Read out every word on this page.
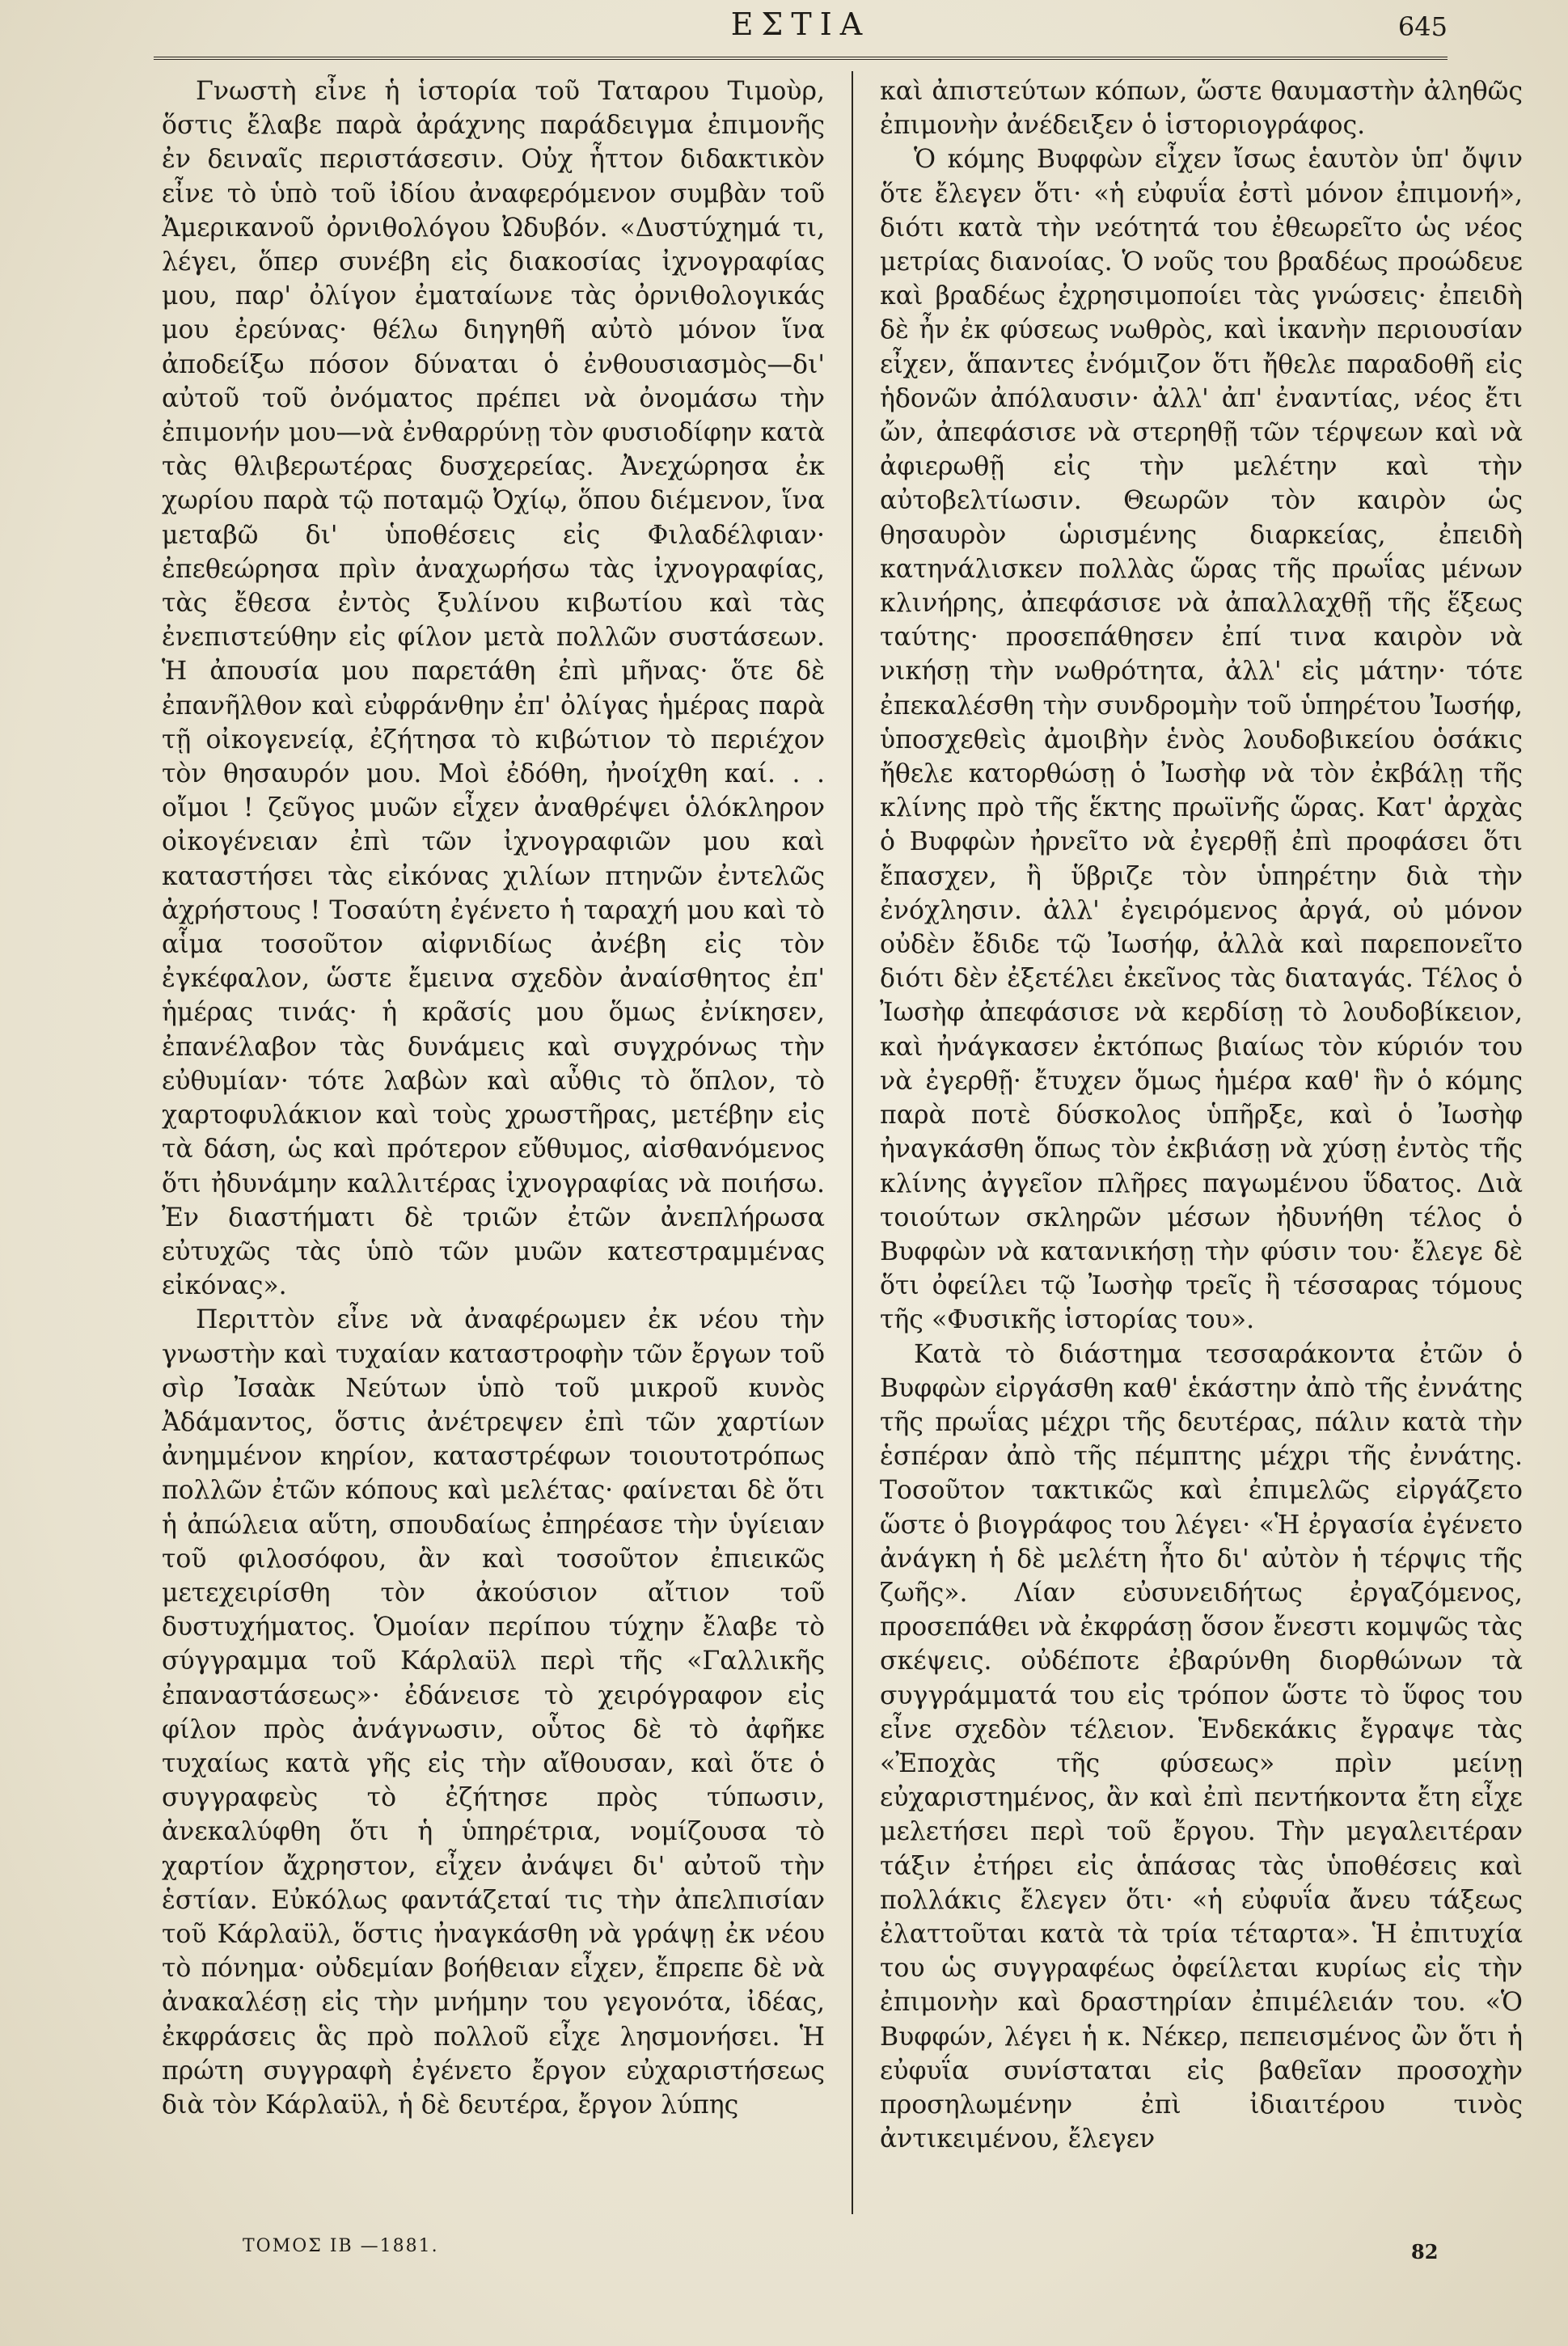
ΕΣΤΙΑ	645

Γνωστὴ εἶνε ἡ ἱστορία τοῦ Ταταρου Τιμοὺρ, ὅστις ἔλαβε παρὰ ἀράχνης παράδειγμα ἐπιμονῆς ἐν δειναῖς περιστάσεσιν. Οὐχ ἧττον διδακτικὸν εἶνε τὸ ὑπὸ τοῦ ἰδίου ἀναφερόμενον συμβὰν τοῦ Ἀμερικανοῦ ὀρνιθολόγου Ὠδυβόν. «Δυστύχημά τι, λέγει, ὅπερ συνέβη εἰς διακοσίας ἰχνογραφίας μου, παρ' ὀλίγον ἐματαίωνε τὰς ὀρνιθολογικάς μου ἐρεύνας· θέλω διηγηθῆ αὐτὸ μόνον ἵνα ἀποδείξω πόσον δύναται ὁ ἐνθουσιασμὸς—δι' αὐτοῦ τοῦ ὀνόματος πρέπει νὰ ὀνομάσω τὴν ἐπιμονήν μου—νὰ ἐνθαρρύνῃ τὸν φυσιοδίφην κατὰ τὰς θλιβερωτέρας δυσχερείας. Ἀνεχώρησα ἐκ χωρίου παρὰ τῷ ποταμῷ Ὀχίῳ, ὅπου διέμενον, ἵνα μεταβῶ δι' ὑποθέσεις εἰς Φιλαδέλφιαν· ἐπεθεώρησα πρὶν ἀναχωρήσω τὰς ἰχνογραφίας, τὰς ἔθεσα ἐντὸς ξυλίνου κιβωτίου καὶ τὰς ἐνεπιστεύθην εἰς φίλον μετὰ πολλῶν συστάσεων. Ἡ ἀπουσία μου παρετάθη ἐπὶ μῆνας· ὅτε δὲ ἐπανῆλθον καὶ εὐφράνθην ἐπ' ὀλίγας ἡμέρας παρὰ τῇ οἰκογενείᾳ, ἐζήτησα τὸ κιβώτιον τὸ περιέχον τὸν θησαυρόν μου. Μοὶ ἐδόθη, ἠνοίχθη καί. . . οἴμοι ! ζεῦγος μυῶν εἶχεν ἀναθρέψει ὁλόκληρον οἰκογένειαν ἐπὶ τῶν ἰχνογραφιῶν μου καὶ καταστήσει τὰς εἰκόνας χιλίων πτηνῶν ἐντελῶς ἀχρήστους ! Τοσαύτη ἐγένετο ἡ ταραχή μου καὶ τὸ αἷμα τοσοῦτον αἰφνιδίως ἀνέβη εἰς τὸν ἐγκέφαλον, ὥστε ἔμεινα σχεδὸν ἀναίσθητος ἐπ' ἡμέρας τινάς· ἡ κρᾶσίς μου ὅμως ἐνίκησεν, ἐπανέλαβον τὰς δυνάμεις καὶ συγχρόνως τὴν εὐθυμίαν· τότε λαβὼν καὶ αὖθις τὸ ὅπλον, τὸ χαρτοφυλάκιον καὶ τοὺς χρωστῆρας, μετέβην εἰς τὰ δάση, ὡς καὶ πρότερον εὔθυμος, αἰσθανόμενος ὅτι ἠδυνάμην καλλιτέρας ἰχνογραφίας νὰ ποιήσω. Ἐν διαστήματι δὲ τριῶν ἐτῶν ἀνεπλήρωσα εὐτυχῶς τὰς ὑπὸ τῶν μυῶν κατεστραμμένας εἰκόνας».

Περιττὸν εἶνε νὰ ἀναφέρωμεν ἐκ νέου τὴν γνωστὴν καὶ τυχαίαν καταστροφὴν τῶν ἔργων τοῦ σὶρ Ἰσαὰκ Νεύτων ὑπὸ τοῦ μικροῦ κυνὸς Ἀδάμαντος, ὅστις ἀνέτρεψεν ἐπὶ τῶν χαρτίων ἀνημμένον κηρίον, καταστρέφων τοιουτοτρόπως πολλῶν ἐτῶν κόπους καὶ μελέτας· φαίνεται δὲ ὅτι ἡ ἀπώλεια αὕτη, σπουδαίως ἐπηρέασε τὴν ὑγίειαν τοῦ φιλοσόφου, ἂν καὶ τοσοῦτον ἐπιεικῶς μετεχειρίσθη τὸν ἀκούσιον αἴτιον τοῦ δυστυχήματος. Ὁμοίαν περίπου τύχην ἔλαβε τὸ σύγγραμμα τοῦ Κάρλαϋλ περὶ τῆς «Γαλλικῆς ἐπαναστάσεως»· ἐδάνεισε τὸ χειρόγραφον εἰς φίλον πρὸς ἀνάγνωσιν, οὗτος δὲ τὸ ἀφῆκε τυχαίως κατὰ γῆς εἰς τὴν αἴθουσαν, καὶ ὅτε ὁ συγγραφεὺς τὸ ἐζήτησε πρὸς τύπωσιν, ἀνεκαλύφθη ὅτι ἡ ὑπηρέτρια, νομίζουσα τὸ χαρτίον ἄχρηστον, εἶχεν ἀνάψει δι' αὐτοῦ τὴν ἑστίαν. Εὐκόλως φαντάζεταί τις τὴν ἀπελπισίαν τοῦ Κάρλαϋλ, ὅστις ἠναγκάσθη νὰ γράψῃ ἐκ νέου τὸ πόνημα· οὐδεμίαν βοήθειαν εἶχεν, ἔπρεπε δὲ νὰ ἀνακαλέσῃ εἰς τὴν μνήμην του γεγονότα, ἰδέας, ἐκφράσεις ἃς πρὸ πολλοῦ εἶχε λησμονήσει. Ἡ πρώτη συγγραφὴ ἐγένετο ἔργον εὐχαριστήσεως διὰ τὸν Κάρλαϋλ, ἡ δὲ δευτέρα, ἔργον λύπης

καὶ ἀπιστεύτων κόπων, ὥστε θαυμαστὴν ἀληθῶς ἐπιμονὴν ἀνέδειξεν ὁ ἱστοριογράφος.

Ὁ κόμης Βυφφὼν εἶχεν ἴσως ἑαυτὸν ὑπ' ὄψιν ὅτε ἔλεγεν ὅτι· «ἡ εὐφυΐα ἐστὶ μόνον ἐπιμονή», διότι κατὰ τὴν νεότητά του ἐθεωρεῖτο ὡς νέος μετρίας διανοίας. Ὁ νοῦς του βραδέως προώδευε καὶ βραδέως ἐχρησιμοποίει τὰς γνώσεις· ἐπειδὴ δὲ ἦν ἐκ φύσεως νωθρὸς, καὶ ἱκανὴν περιουσίαν εἶχεν, ἅπαντες ἐνόμιζον ὅτι ἤθελε παραδοθῆ εἰς ἡδονῶν ἀπόλαυσιν· ἀλλ' ἀπ' ἐναντίας, νέος ἔτι ὤν, ἀπεφάσισε νὰ στερηθῇ τῶν τέρψεων καὶ νὰ ἀφιερωθῇ εἰς τὴν μελέτην καὶ τὴν αὐτοβελτίωσιν. Θεωρῶν τὸν καιρὸν ὡς θησαυρὸν ὡρισμένης διαρκείας, ἐπειδὴ κατηνάλισκεν πολλὰς ὥρας τῆς πρωΐας μένων κλινήρης, ἀπεφάσισε νὰ ἀπαλλαχθῇ τῆς ἕξεως ταύτης· προσεπάθησεν ἐπί τινα καιρὸν νὰ νικήσῃ τὴν νωθρότητα, ἀλλ' εἰς μάτην· τότε ἐπεκαλέσθη τὴν συνδρομὴν τοῦ ὑπηρέτου Ἰωσήφ, ὑποσχεθεὶς ἀμοιβὴν ἑνὸς λουδοβικείου ὁσάκις ἤθελε κατορθώσῃ ὁ Ἰωσὴφ νὰ τὸν ἐκβάλῃ τῆς κλίνης πρὸ τῆς ἕκτης πρωϊνῆς ὥρας. Κατ' ἀρχὰς ὁ Βυφφὼν ἠρνεῖτο νὰ ἐγερθῇ ἐπὶ προφάσει ὅτι ἔπασχεν, ἢ ὕβριζε τὸν ὑπηρέτην διὰ τὴν ἐνόχλησιν. ἀλλ' ἐγειρόμενος ἀργά, οὐ μόνον οὐδὲν ἔδιδε τῷ Ἰωσήφ, ἀλλὰ καὶ παρεπονεῖτο διότι δὲν ἐξετέλει ἐκεῖνος τὰς διαταγάς. Τέλος ὁ Ἰωσὴφ ἀπεφάσισε νὰ κερδίσῃ τὸ λουδοβίκειον, καὶ ἠνάγκασεν ἐκτόπως βιαίως τὸν κύριόν του νὰ ἐγερθῇ· ἔτυχεν ὅμως ἡμέρα καθ' ἣν ὁ κόμης παρὰ ποτὲ δύσκολος ὑπῆρξε, καὶ ὁ Ἰωσὴφ ἠναγκάσθη ὅπως τὸν ἐκβιάσῃ νὰ χύσῃ ἐντὸς τῆς κλίνης ἀγγεῖον πλῆρες παγωμένου ὕδατος. Διὰ τοιούτων σκληρῶν μέσων ἠδυνήθη τέλος ὁ Βυφφὼν νὰ κατανικήσῃ τὴν φύσιν του· ἔλεγε δὲ ὅτι ὀφείλει τῷ Ἰωσὴφ τρεῖς ἢ τέσσαρας τόμους τῆς «Φυσικῆς ἱστορίας του».

Κατὰ τὸ διάστημα τεσσαράκοντα ἐτῶν ὁ Βυφφὼν εἰργάσθη καθ' ἑκάστην ἀπὸ τῆς ἐννάτης τῆς πρωΐας μέχρι τῆς δευτέρας, πάλιν κατὰ τὴν ἑσπέραν ἀπὸ τῆς πέμπτης μέχρι τῆς ἐννάτης. Τοσοῦτον τακτικῶς καὶ ἐπιμελῶς εἰργάζετο ὥστε ὁ βιογράφος του λέγει· «Ἡ ἐργασία ἐγένετο ἀνάγκη ἡ δὲ μελέτη ἦτο δι' αὐτὸν ἡ τέρψις τῆς ζωῆς». Λίαν εὐσυνειδήτως ἐργαζόμενος, προσεπάθει νὰ ἐκφράσῃ ὅσον ἔνεστι κομψῶς τὰς σκέψεις. οὐδέποτε ἐβαρύνθη διορθώνων τὰ συγγράμματά του εἰς τρόπον ὥστε τὸ ὕφος του εἶνε σχεδὸν τέλειον. Ἑνδεκάκις ἔγραψε τὰς «Ἐποχὰς τῆς φύσεως» πρὶν μείνῃ εὐχαριστημένος, ἂν καὶ ἐπὶ πεντήκοντα ἔτη εἶχε μελετήσει περὶ τοῦ ἔργου. Τὴν μεγαλειτέραν τάξιν ἐτήρει εἰς ἁπάσας τὰς ὑποθέσεις καὶ πολλάκις ἔλεγεν ὅτι· «ἡ εὐφυΐα ἄνευ τάξεως ἐλαττοῦται κατὰ τὰ τρία τέταρτα». Ἡ ἐπιτυχία του ὡς συγγραφέως ὀφείλεται κυρίως εἰς τὴν ἐπιμονὴν καὶ δραστηρίαν ἐπιμέλειάν του. «Ὁ Βυφφών, λέγει ἡ κ. Νέκερ, πεπεισμένος ὢν ὅτι ἡ εὐφυΐα συνίσταται εἰς βαθεῖαν προσοχὴν προσηλωμένην ἐπὶ ἰδιαιτέρου τινὸς ἀντικειμένου, ἔλεγεν

ΤΟΜΟΣ ΙΒ —1881.	82
